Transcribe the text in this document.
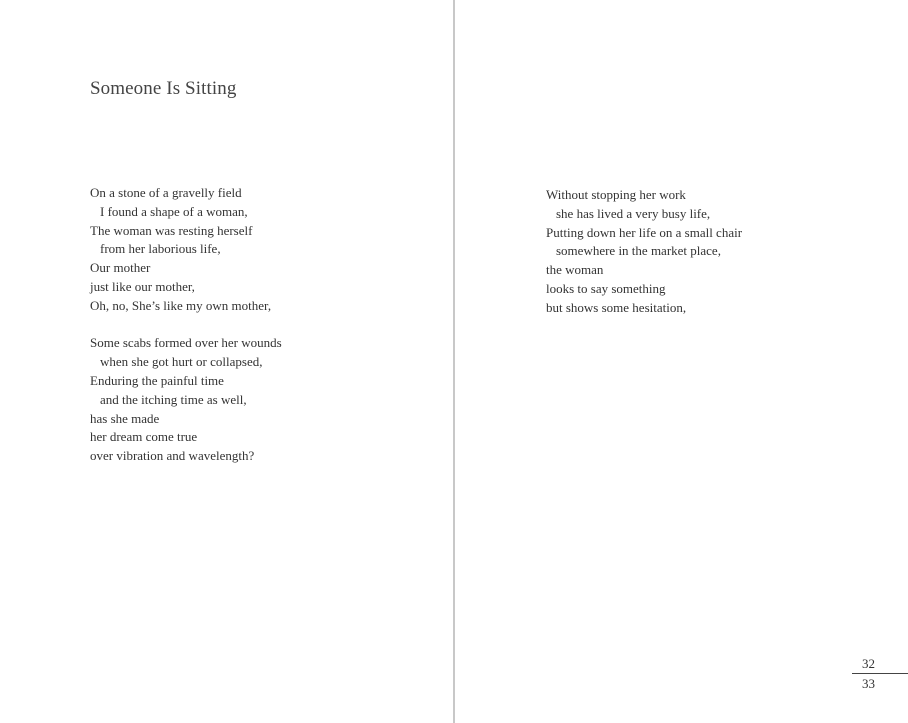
Someone Is Sitting
On a stone of a gravelly field
I found a shape of a woman,
The woman was resting herself
from her laborious life,
Our mother
just like our mother,
Oh, no, She’s like my own mother,
Some scabs formed over her wounds
when she got hurt or collapsed,
Enduring the painful time
and the itching time as well,
has she made
her dream come true
over vibration and wavelength?
Without stopping her work
she has lived a very busy life,
Putting down her life on a small chair
somewhere in the market place,
the woman
looks to say something
but shows some hesitation,
32
33
